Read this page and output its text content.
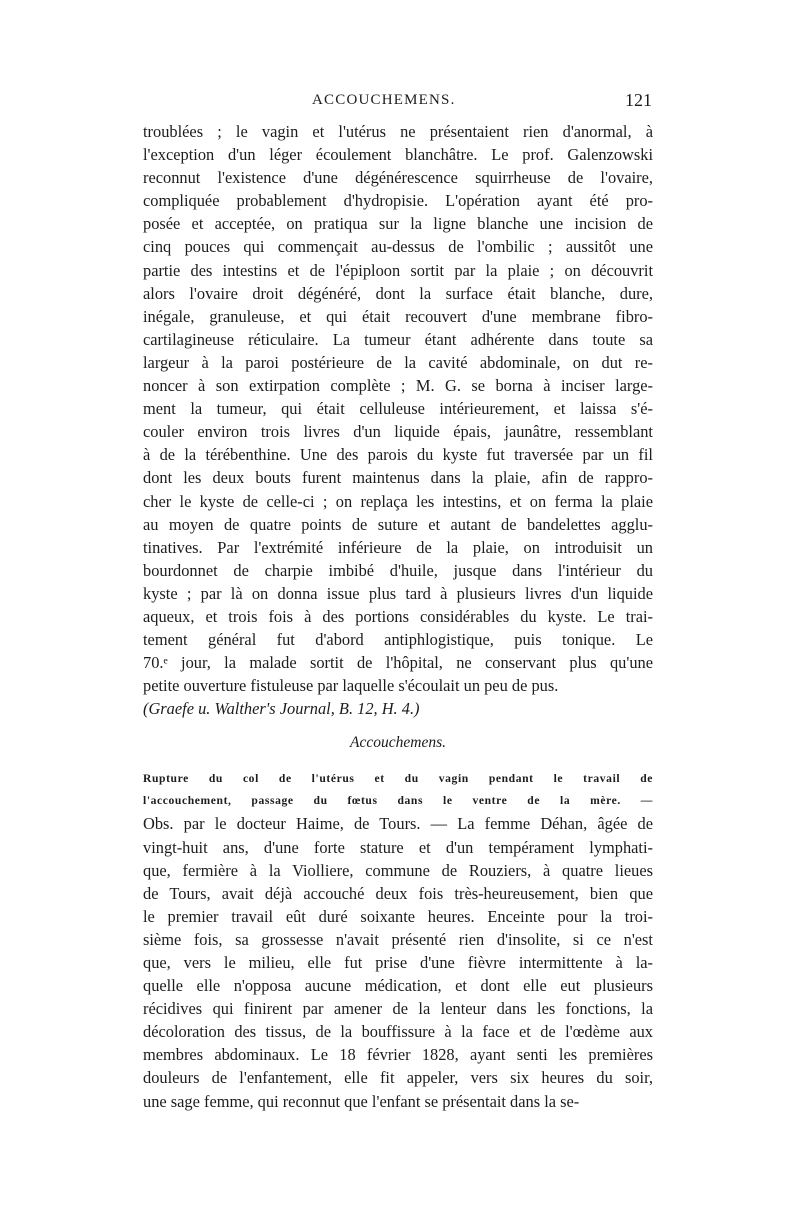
ACCOUCHEMENS.	121
troublées ; le vagin et l'utérus ne présentaient rien d'anormal, à
l'exception d'un léger écoulement blanchâtre. Le prof. Galenzowski
reconnut l'existence d'une dégénérescence squirrheuse de l'ovaire,
compliquée probablement d'hydropisie. L'opération ayant été pro-
posée et acceptée, on pratiqua sur la ligne blanche une incision de
cinq pouces qui commençait au-dessus de l'ombilic ; aussitôt une
partie des intestins et de l'épiploon sortit par la plaie ; on découvrit
alors l'ovaire droit dégénéré, dont la surface était blanche, dure,
inégale, granuleuse, et qui était recouvert d'une membrane fibro-
cartilagineuse réticulaire. La tumeur étant adhérente dans toute sa
largeur à la paroi postérieure de la cavité abdominale, on dut re-
noncer à son extirpation complète ; M. G. se borna à inciser large-
ment la tumeur, qui était celluleuse intérieurement, et laissa s'é-
couler environ trois livres d'un liquide épais, jaunâtre, ressemblant
à de la térébenthine. Une des parois du kyste fut traversée par un fil
dont les deux bouts furent maintenus dans la plaie, afin de rappro-
cher le kyste de celle-ci ; on replaça les intestins, et on ferma la plaie
au moyen de quatre points de suture et autant de bandelettes agglu-
tinatives. Par l'extrémité inférieure de la plaie, on introduisit un
bourdonnet de charpie imbibé d'huile, jusque dans l'intérieur du
kyste ; par là on donna issue plus tard à plusieurs livres d'un liquide
aqueux, et trois fois à des portions considérables du kyste. Le trai-
tement général fut d'abord antiphlogistique, puis tonique. Le
70.ᵉ jour, la malade sortit de l'hôpital, ne conservant plus qu'une
petite ouverture fistuleuse par laquelle s'écoulait un peu de pus.
(Graefe u. Walther's Journal, B. 12, H. 4.)
Accouchemens.
Rupture du col de l'utérus et du vagin pendant le travail de
l'accouchement, passage du fœtus dans le ventre de la mère. —
Obs. par le docteur Haime, de Tours. — La femme Déhan, âgée de
vingt-huit ans, d'une forte stature et d'un tempérament lymphati-
que, fermière à la Violliere, commune de Rouziers, à quatre lieues
de Tours, avait déjà accouché deux fois très-heureusement, bien que
le premier travail eût duré soixante heures. Enceinte pour la troi-
sième fois, sa grossesse n'avait présenté rien d'insolite, si ce n'est
que, vers le milieu, elle fut prise d'une fièvre intermittente à la-
quelle elle n'opposa aucune médication, et dont elle eut plusieurs
récidives qui finirent par amener de la lenteur dans les fonctions, la
décoloration des tissus, de la bouffissure à la face et de l'œdème aux
membres abdominaux. Le 18 février 1828, ayant senti les premières
douleurs de l'enfantement, elle fit appeler, vers six heures du soir,
une sage femme, qui reconnut que l'enfant se présentait dans la se-
